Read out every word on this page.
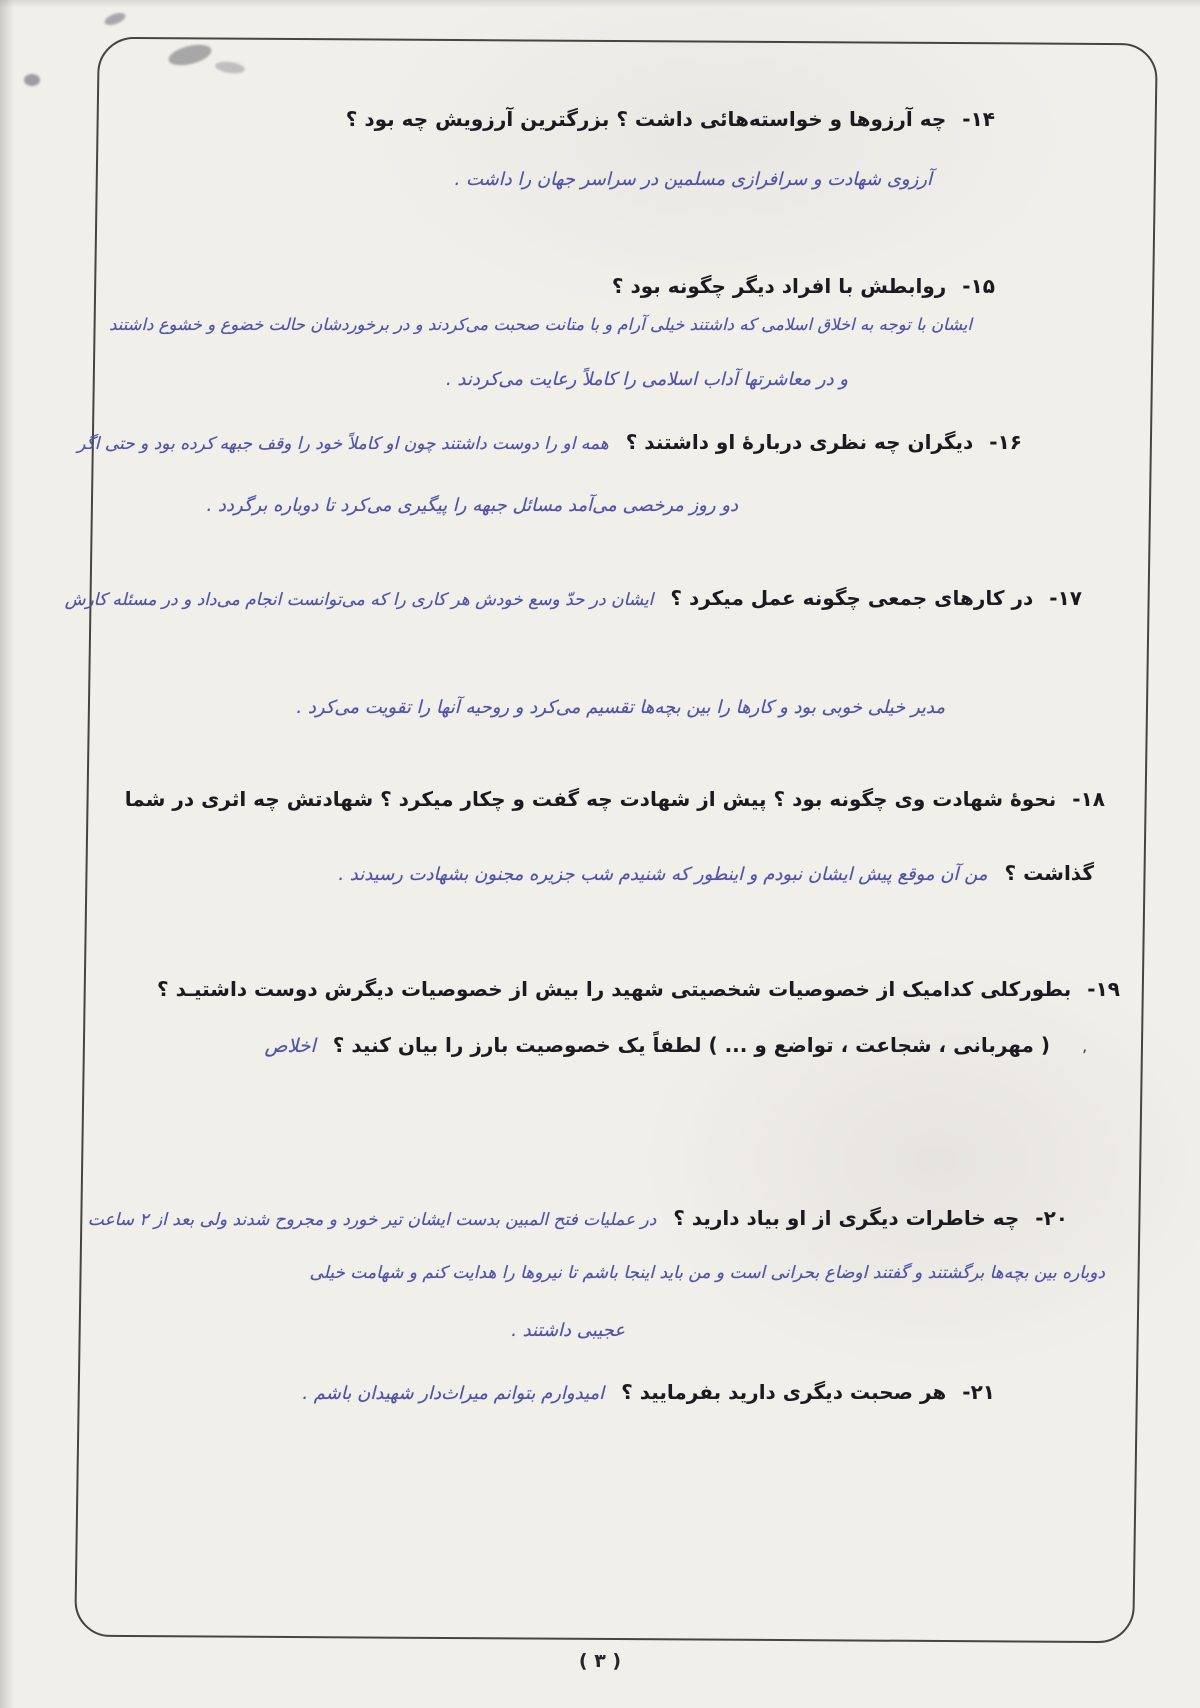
’
۱۴-چه آرزوها و خواسته‌هائی داشت ؟ بزرگترین آرزویش چه بود ؟
آرزوی شهادت و سرافرازی مسلمین در سراسر جهان را داشت .
۱۵-روابطش با افراد دیگر چگونه بود ؟
ایشان با توجه به اخلاق اسلامی که داشتند خیلی آرام و با متانت صحبت می‌کردند و در برخوردشان حالت خضوع و خشوع داشتند
و در معاشرتها آداب اسلامی را کاملاً رعایت می‌کردند .
۱۶-دیگران چه نظری دربارۀ او داشتند ؟ همه او را دوست داشتند چون او کاملاً خود را وقف جبهه کرده بود و حتی اگر
دو روز مرخصی می‌آمد مسائل جبهه را پیگیری می‌کرد تا دوباره برگردد .
۱۷-در کارهای جمعی چگونه عمل میکرد ؟ ایشان در حدّ وسع خودش هر کاری را که می‌توانست انجام می‌داد و در مسئله کارش
مدیر خیلی خوبی بود و کارها را بین بچه‌ها تقسیم می‌کرد و روحیه آنها را تقویت می‌کرد .
۱۸-نحوۀ شهادت وی چگونه بود ؟ پیش از شهادت چه گفت و چکار میکرد ؟ شهادتش چه اثری در شما
گذاشت ؟ من آن موقع پیش ایشان نبودم و اینطور که شنیدم شب جزیره مجنون بشهادت رسیدند .
۱۹-بطورکلی کدامیک از خصوصیات شخصیتی شهید را بیش از خصوصیات دیگرش دوست داشتیـد ؟
( مهربانی ، شجاعت ، تواضع و ... ) لطفاً یک خصوصیت بارز را بیان کنید ؟ اخلاص
۲۰-چه خاطرات دیگری از او بیاد دارید ؟ در عملیات فتح المبین بدست ایشان تیر خورد و مجروح شدند ولی بعد از ۲ ساعت
دوباره بین بچه‌ها برگشتند و گفتند اوضاع بحرانی است و من باید اینجا باشم تا نیروها را هدایت کنم و شهامت خیلی
عجیبی داشتند .
۲۱-هر صحبت دیگری دارید بفرمایید ؟ امیدوارم بتوانم میراث‌دار شهیدان باشم .
( ۳ )
